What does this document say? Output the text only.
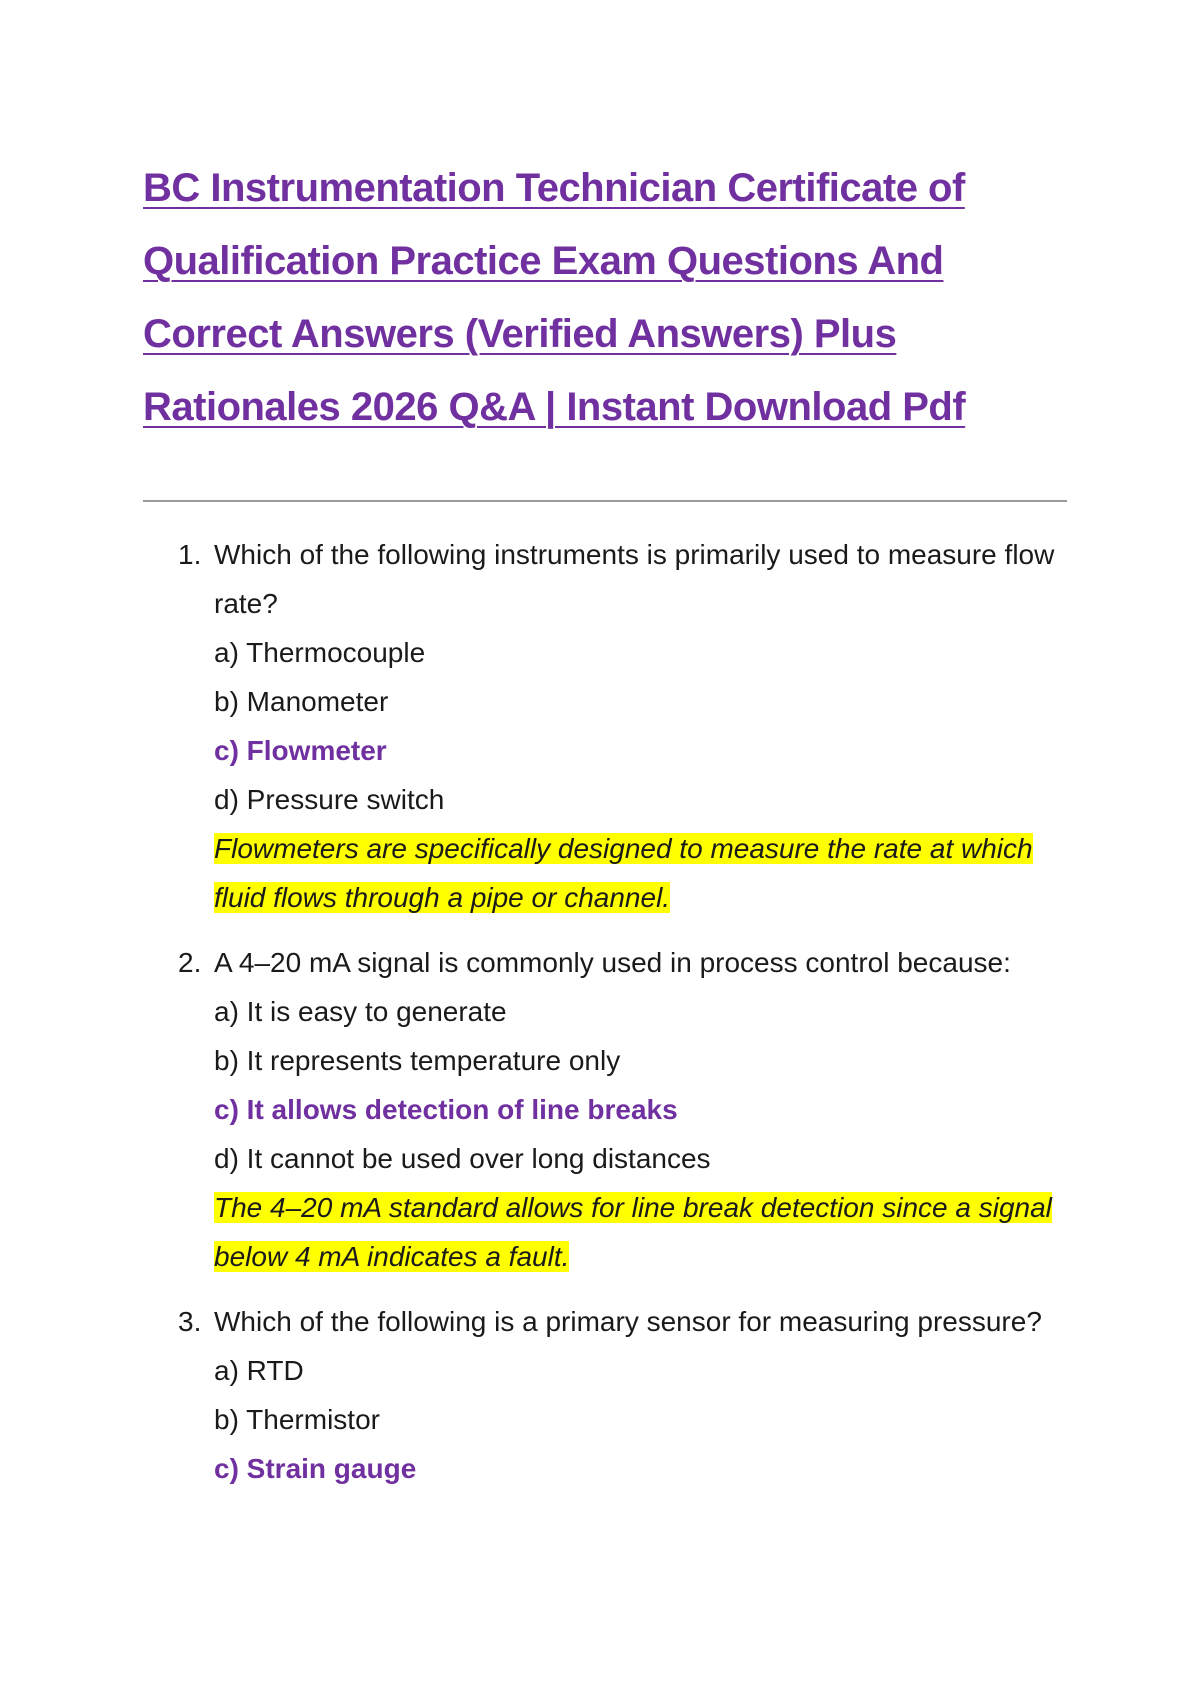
BC Instrumentation Technician Certificate of
Qualification Practice Exam Questions And
Correct Answers (Verified Answers) Plus
Rationales 2026 Q&A | Instant Download Pdf
1. Which of the following instruments is primarily used to measure flow rate?
a) Thermocouple
b) Manometer
c) Flowmeter
d) Pressure switch
Flowmeters are specifically designed to measure the rate at which fluid flows through a pipe or channel.
2. A 4–20 mA signal is commonly used in process control because:
a) It is easy to generate
b) It represents temperature only
c) It allows detection of line breaks
d) It cannot be used over long distances
The 4–20 mA standard allows for line break detection since a signal below 4 mA indicates a fault.
3. Which of the following is a primary sensor for measuring pressure?
a) RTD
b) Thermistor
c) Strain gauge
